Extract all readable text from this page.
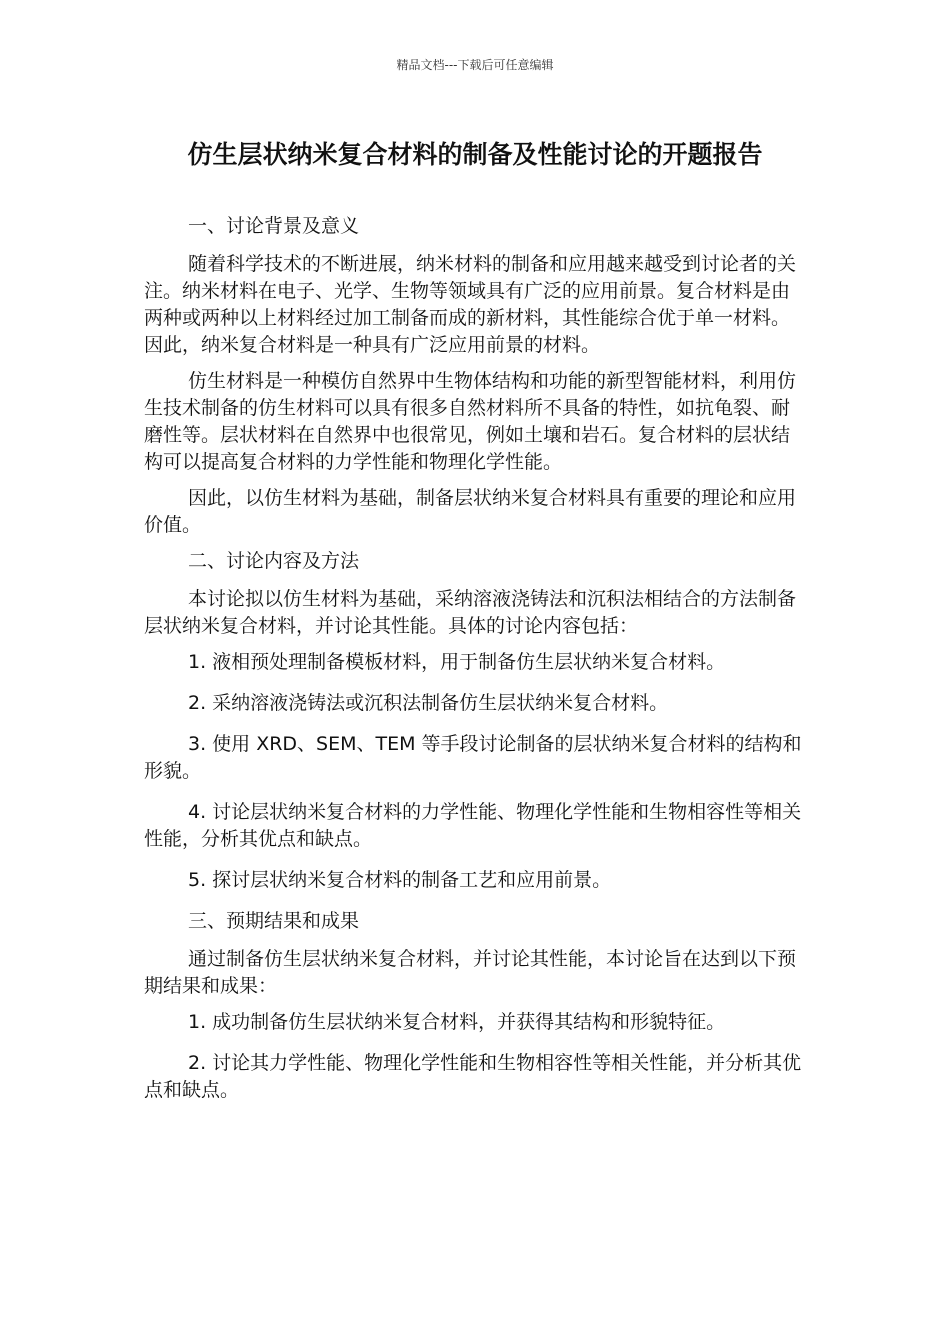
精品文档---下载后可任意编辑
仿生层状纳米复合材料的制备及性能讨论的开题报告

一、讨论背景及意义

随着科学技术的不断进展，纳米材料的制备和应用越来越受到讨论者的关注。纳米材料在电子、光学、生物等领域具有广泛的应用前景。复合材料是由两种或两种以上材料经过加工制备而成的新材料，其性能综合优于单一材料。因此，纳米复合材料是一种具有广泛应用前景的材料。

仿生材料是一种模仿自然界中生物体结构和功能的新型智能材料，利用仿生技术制备的仿生材料可以具有很多自然材料所不具备的特性，如抗龟裂、耐磨性等。层状材料在自然界中也很常见，例如土壤和岩石。复合材料的层状结构可以提高复合材料的力学性能和物理化学性能。

因此，以仿生材料为基础，制备层状纳米复合材料具有重要的理论和应用价值。

二、讨论内容及方法

本讨论拟以仿生材料为基础，采纳溶液浇铸法和沉积法相结合的方法制备层状纳米复合材料，并讨论其性能。具体的讨论内容包括：

1. 液相预处理制备模板材料，用于制备仿生层状纳米复合材料。

2. 采纳溶液浇铸法或沉积法制备仿生层状纳米复合材料。

3. 使用 XRD、SEM、TEM 等手段讨论制备的层状纳米复合材料的结构和形貌。

4. 讨论层状纳米复合材料的力学性能、物理化学性能和生物相容性等相关性能，分析其优点和缺点。

5. 探讨层状纳米复合材料的制备工艺和应用前景。

三、预期结果和成果

通过制备仿生层状纳米复合材料，并讨论其性能，本讨论旨在达到以下预期结果和成果：

1. 成功制备仿生层状纳米复合材料，并获得其结构和形貌特征。

2. 讨论其力学性能、物理化学性能和生物相容性等相关性能，并分析其优点和缺点。
